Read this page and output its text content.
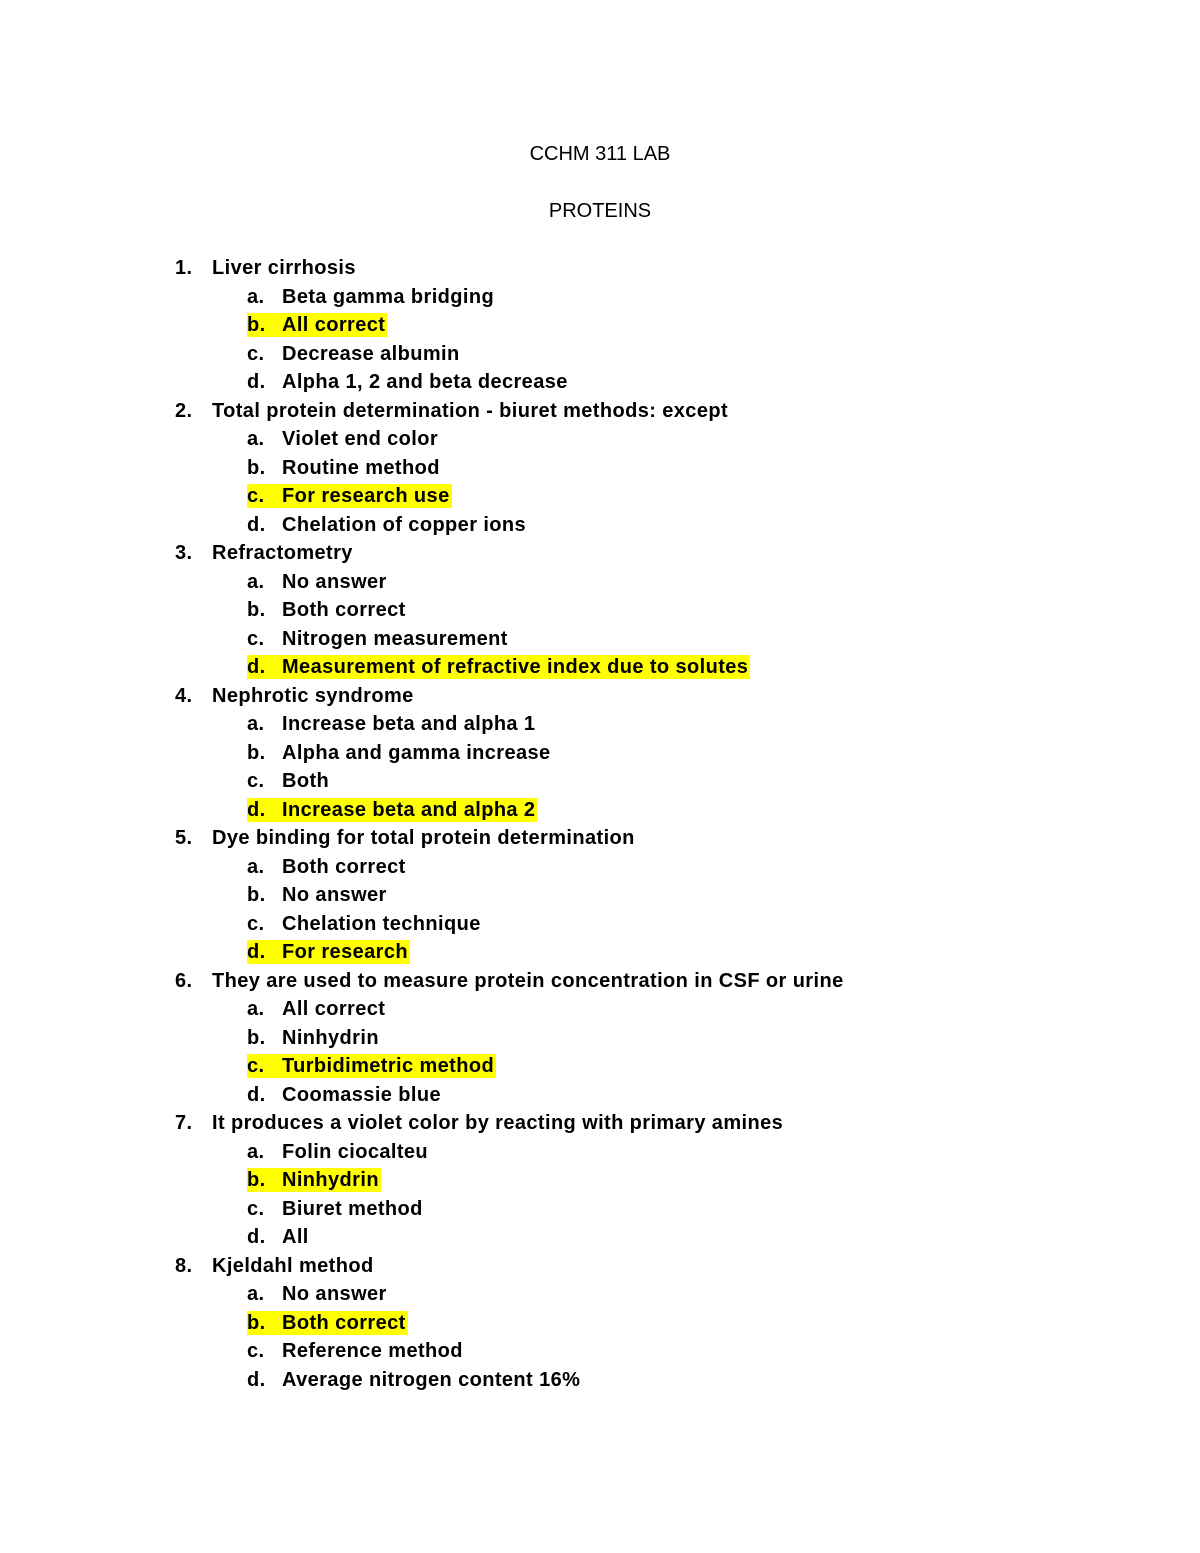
CCHM 311 LAB
PROTEINS
1. Liver cirrhosis
a. Beta gamma bridging
b. All correct
c. Decrease albumin
d. Alpha 1, 2 and beta decrease
2. Total protein determination - biuret methods: except
a. Violet end color
b. Routine method
c. For research use
d. Chelation of copper ions
3. Refractometry
a. No answer
b. Both correct
c. Nitrogen measurement
d. Measurement of refractive index due to solutes
4. Nephrotic syndrome
a. Increase beta and alpha 1
b. Alpha and gamma increase
c. Both
d. Increase beta and alpha 2
5. Dye binding for total protein determination
a. Both correct
b. No answer
c. Chelation technique
d. For research
6. They are used to measure protein concentration in CSF or urine
a. All correct
b. Ninhydrin
c. Turbidimetric method
d. Coomassie blue
7. It produces a violet color by reacting with primary amines
a. Folin ciocalteu
b. Ninhydrin
c. Biuret method
d. All
8. Kjeldahl method
a. No answer
b. Both correct
c. Reference method
d. Average nitrogen content 16%
